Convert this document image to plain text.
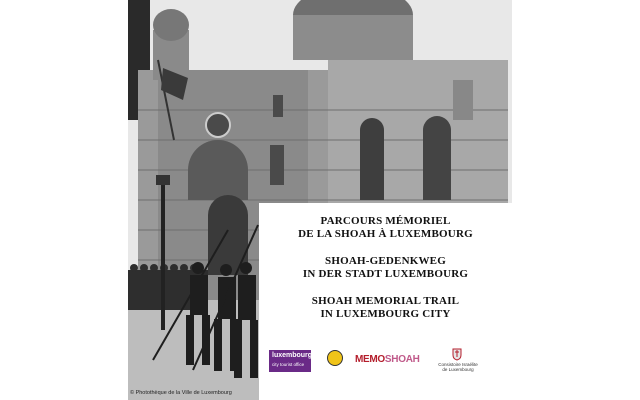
PARCOURS MÉMORIEL
DE LA SHOAH À LUXEMBOURG
SHOAH-GEDENKWEG
IN DER STADT LUXEMBOURG
SHOAH MEMORIAL TRAIL
IN LUXEMBOURG CITY
luxembourg
city tourist office	MEMOSHOAH	Consistoire Israélite
de Luxembourg
© Photothèque de la Ville de Luxembourg
